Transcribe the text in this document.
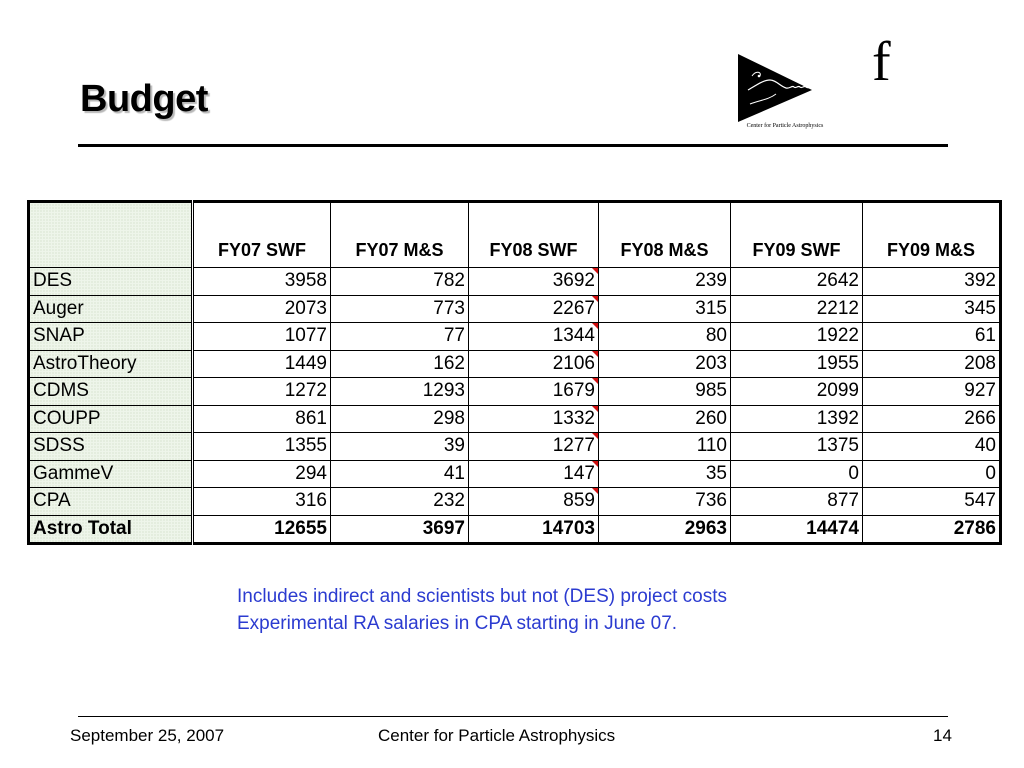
Budget
Center for Particle Astrophysics
f
	FY07 SWF	FY07 M&S	FY08 SWF	FY08 M&S	FY09 SWF	FY09 M&S
DES	3958	782	3692	239	2642	392
Auger	2073	773	2267	315	2212	345
SNAP	1077	77	1344	80	1922	61
AstroTheory	1449	162	2106	203	1955	208
CDMS	1272	1293	1679	985	2099	927
COUPP	861	298	1332	260	1392	266
SDSS	1355	39	1277	110	1375	40
GammeV	294	41	147	35	0	0
CPA	316	232	859	736	877	547
Astro Total	12655	3697	14703	2963	14474	2786
Includes indirect and scientists but not (DES) project costs
Experimental RA salaries in CPA starting in June 07.
September 25, 2007	Center for Particle Astrophysics	14
